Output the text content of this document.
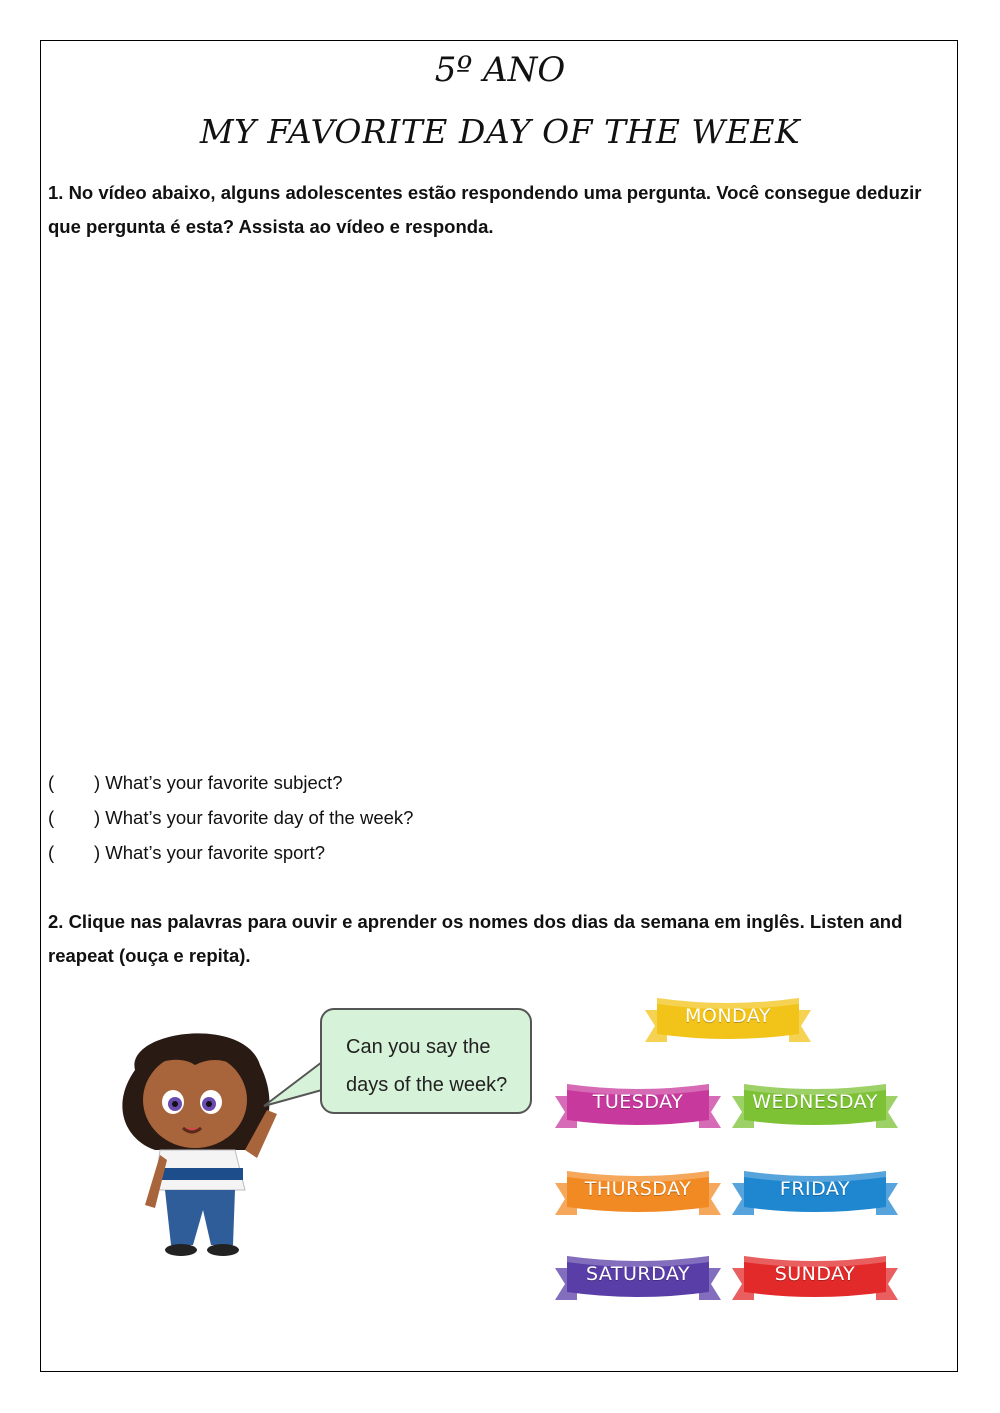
5º ANO
MY FAVORITE DAY OF THE WEEK
1. No vídeo abaixo, alguns adolescentes estão respondendo uma pergunta. Você consegue deduzir que pergunta é esta? Assista ao vídeo e responda.
( ) What’s your favorite subject?
( ) What’s your favorite day of the week?
( ) What’s your favorite sport?
2. Clique nas palavras para ouvir e aprender os nomes dos dias da semana em inglês. Listen and reapeat (ouça e repita).
Can you say the
days of the week?
MONDAY
TUESDAY	WEDNESDAY
THURSDAY	FRIDAY
SATURDAY	SUNDAY
